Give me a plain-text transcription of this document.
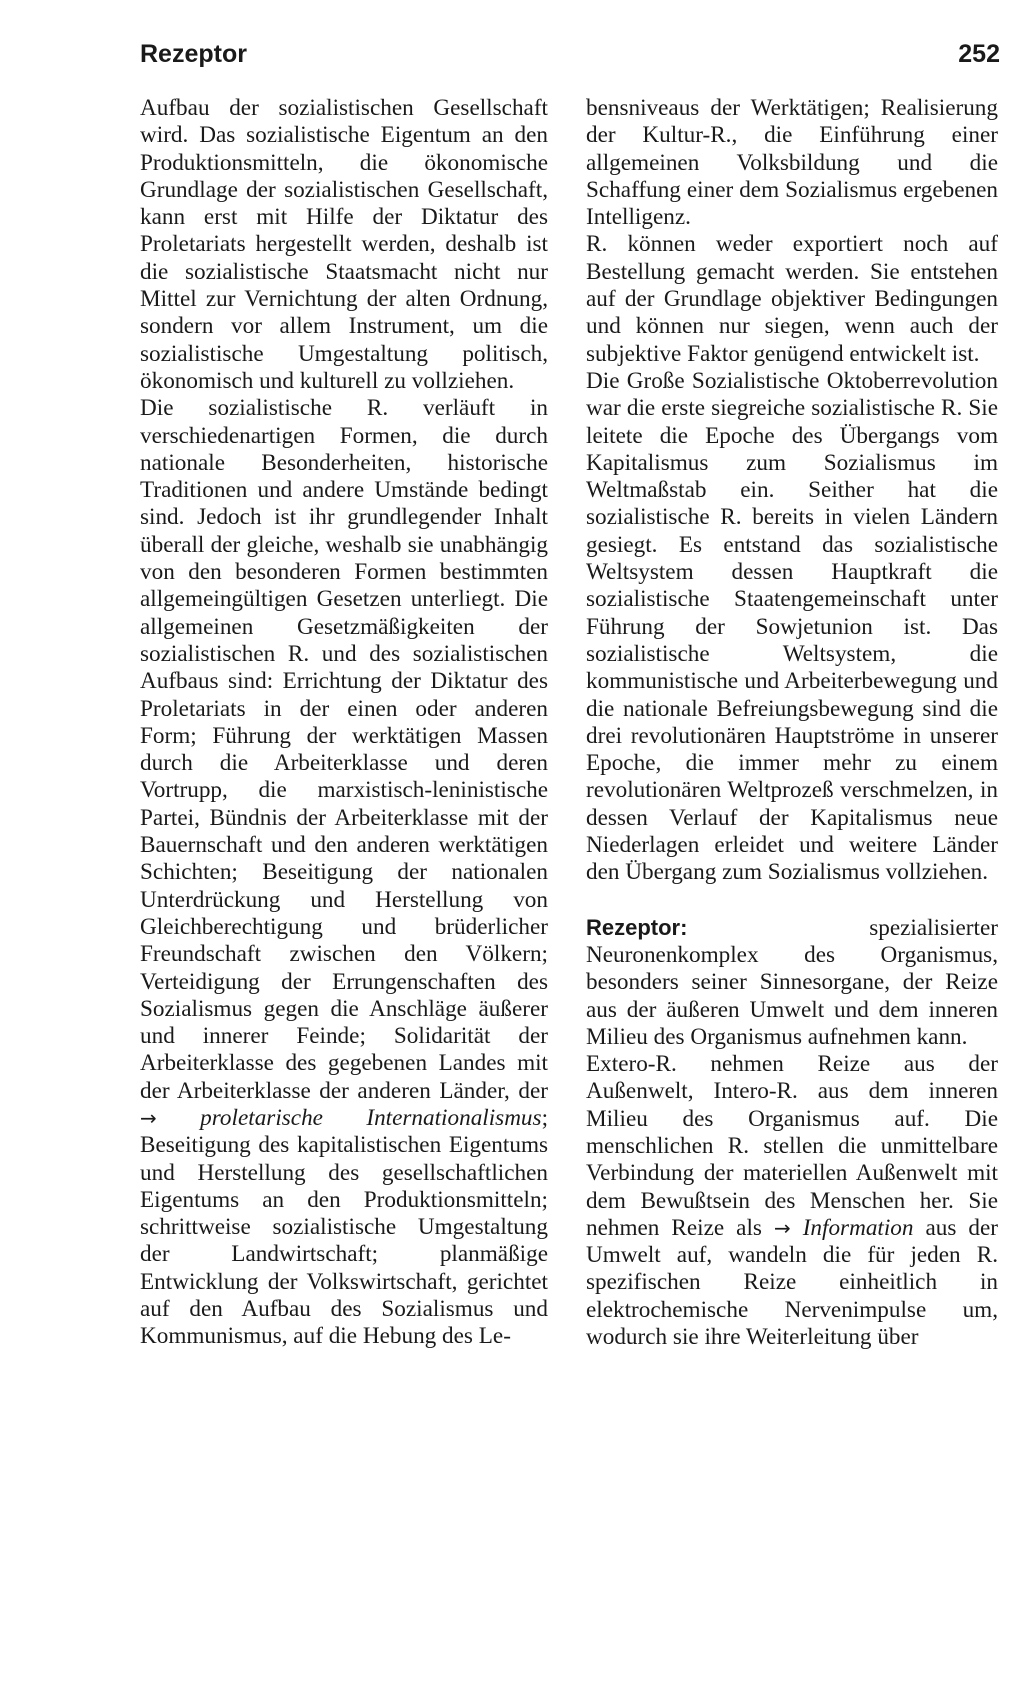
Rezeptor	252

Aufbau der sozialistischen Gesellschaft wird. Das sozialistische Eigentum an den Produktionsmitteln, die ökonomische Grundlage der sozialistischen Gesellschaft, kann erst mit Hilfe der Diktatur des Proletariats hergestellt werden, deshalb ist die sozialistische Staatsmacht nicht nur Mittel zur Vernichtung der alten Ordnung, sondern vor allem Instrument, um die sozialistische Umgestaltung politisch, ökonomisch und kulturell zu vollziehen.

Die sozialistische R. verläuft in verschiedenartigen Formen, die durch nationale Besonderheiten, historische Traditionen und andere Umstände bedingt sind. Jedoch ist ihr grundlegender Inhalt überall der gleiche, weshalb sie unabhängig von den besonderen Formen bestimmten allgemeingültigen Gesetzen unterliegt. Die allgemeinen Gesetzmäßigkeiten der sozialistischen R. und des sozialistischen Aufbaus sind: Errichtung der Diktatur des Proletariats in der einen oder anderen Form; Führung der werktätigen Massen durch die Arbeiterklasse und deren Vortrupp, die marxistisch-leninistische Partei, Bündnis der Arbeiterklasse mit der Bauernschaft und den anderen werktätigen Schichten; Beseitigung der nationalen Unterdrückung und Herstellung von Gleichberechtigung und brüderlicher Freundschaft zwischen den Völkern; Verteidigung der Errungenschaften des Sozialismus gegen die Anschläge äußerer und innerer Feinde; Solidarität der Arbeiterklasse des gegebenen Landes mit der Arbeiterklasse der anderen Länder, der → proletarische Internationalismus; Beseitigung des kapitalistischen Eigentums und Herstellung des gesellschaftlichen Eigentums an den Produktionsmitteln; schrittweise sozialistische Umgestaltung der Landwirtschaft; planmäßige Entwicklung der Volkswirtschaft, gerichtet auf den Aufbau des Sozialismus und Kommunismus, auf die Hebung des Le-

bensniveaus der Werktätigen; Realisierung der Kultur-R., die Einführung einer allgemeinen Volksbildung und die Schaffung einer dem Sozialismus ergebenen Intelligenz.

R. können weder exportiert noch auf Bestellung gemacht werden. Sie entstehen auf der Grundlage objektiver Bedingungen und können nur siegen, wenn auch der subjektive Faktor genügend entwickelt ist.

Die Große Sozialistische Oktoberrevolution war die erste siegreiche sozialistische R. Sie leitete die Epoche des Übergangs vom Kapitalismus zum Sozialismus im Weltmaßstab ein. Seither hat die sozialistische R. bereits in vielen Ländern gesiegt. Es entstand das sozialistische Weltsystem dessen Hauptkraft die sozialistische Staatengemeinschaft unter Führung der Sowjetunion ist. Das sozialistische Weltsystem, die kommunistische und Arbeiterbewegung und die nationale Befreiungsbewegung sind die drei revolutionären Hauptströme in unserer Epoche, die immer mehr zu einem revolutionären Weltprozeß verschmelzen, in dessen Verlauf der Kapitalismus neue Niederlagen erleidet und weitere Länder den Übergang zum Sozialismus vollziehen.

Rezeptor:	spezialisierter Neuronenkomplex des Organismus, besonders seiner Sinnesorgane, der Reize aus der äußeren Umwelt und dem inneren Milieu des Organismus aufnehmen kann.

Extero-R. nehmen Reize aus der Außenwelt, Intero-R. aus dem inneren Milieu des Organismus auf. Die menschlichen R. stellen die unmittelbare Verbindung der materiellen Außenwelt mit dem Bewußtsein des Menschen her. Sie nehmen Reize als → Information aus der Umwelt auf, wandeln die für jeden R. spezifischen Reize einheitlich in elektrochemische Nervenimpulse um, wodurch sie ihre Weiterleitung über
